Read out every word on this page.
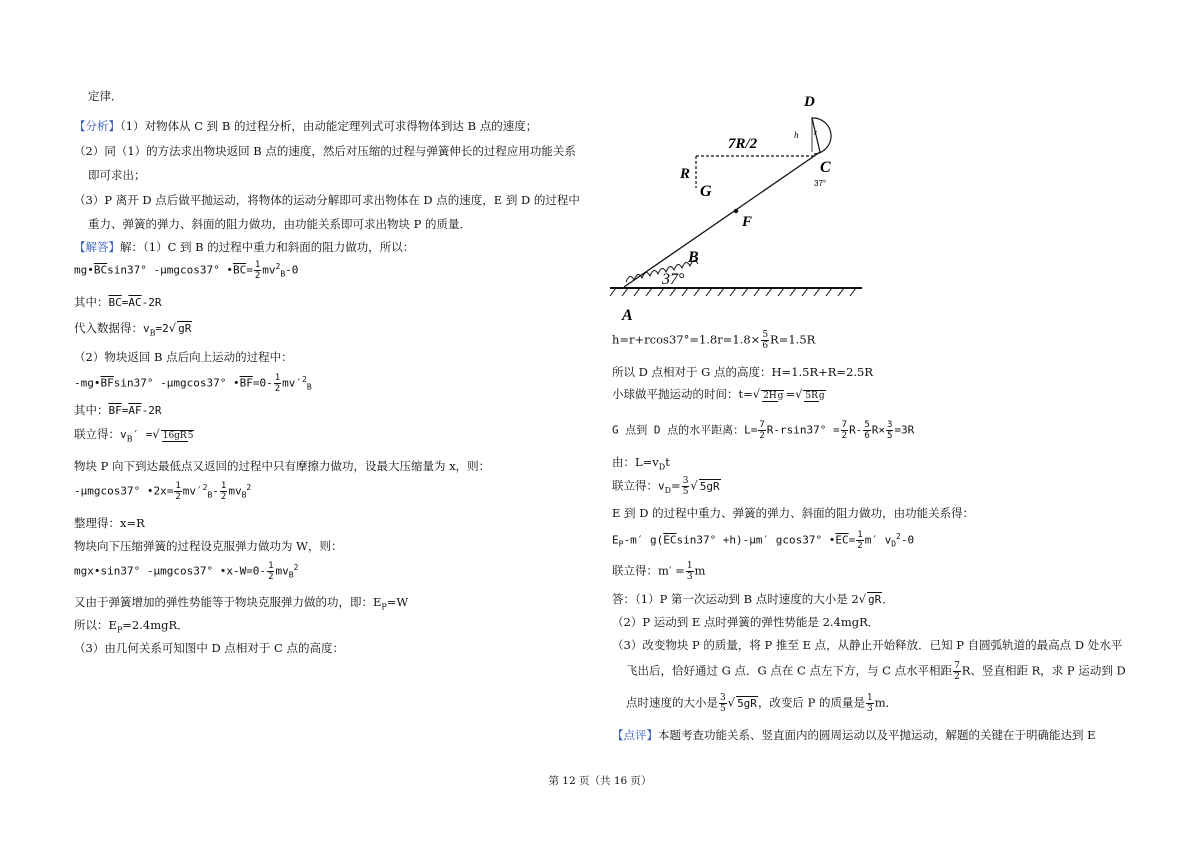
定律．
【分析】（1）对物体从 C 到 B 的过程分析，由动能定理列式可求得物体到达 B 点的速度；
（2）同（1）的方法求出物块返回 B 点的速度，然后对压缩的过程与弹簧伸长的过程应用功能关系
即可求出；
（3）P 离开 D 点后做平抛运动，将物体的运动分解即可求出物体在 D 点的速度，E 到 D 的过程中
重力、弹簧的弹力、斜面的阻力做功，由功能关系即可求出物块 P 的质量．
【解答】解：（1）C 到 B 的过程中重力和斜面的阻力做功，所以：
$mg•\overline{BC}\sin 37^\circ$ -μmgcos37° $•\overline{BC}= \frac{1}{2} mv^2_B-0$
其中：$\overline{BC}=\overline{AC}-2R$
代入数据得：$v_B=2√$ gR
（2）物块返回 B 点后向上运动的过程中：
$-mg•\overline{BF}\sin 37^\circ$ -μmgcos37° $•\overline{BF}=0- \frac{1}{2} mv'^2_B$
其中：$\overline{BF}=\overline{AF}-2R$
联立得：$v_B'$ =√ 16gR5
物块 P 向下到达最低点又返回的过程中只有摩擦力做功，设最大压缩量为 x，则：
-μmgcos37° •2x= $\frac{1}{2} mv'^2_B- \frac{1}{2} mv_B^2$
整理得：x=R
物块向下压缩弹簧的过程设克服弹力做功为 W，则：
mgx•sin37° -μmgcos37° •x-W=0- $\frac{1}{2} mv_B^2$
又由于弹簧增加的弹性势能等于物块克服弹力做的功，即：$E_P=W$
所以：$E_P=2.4mgR$．
（3）由几何关系可知图中 D 点相对于 C 点的高度：
D
h r
7R/2
C
37°
R
G
F
B
37°
A
$h=r+rcos37^\circ=1.8r=1.8\times \frac{5}{6} R=1.5R$
所以 D 点相对于 G 点的高度：H=1.5R+R=2.5R
小球做平抛运动的时间：t=√ 2Hg =√ 5Rg
G 点到 D 点的水平距离：$L= \frac{7}{2} R-rsin37^\circ = \frac{7}{2} R- \frac{5}{6} R\times \frac{3}{5} =3R$
由：$L=v_Dt$
联立得：$v_D= \frac{3}{5}$ √ 5gR
E 到 D 的过程中重力、弹簧的弹力、斜面的阻力做功，由功能关系得：
$E_P-m'$ $g(\overline{EC}\sin 37^\circ +h)-\mu m'$ gcos37° $•\overline{EC}= \frac{1}{2} m'$ $v_D^2-0$
联立得：$m' = \frac{1}{3}$ m
答：（1）P 第一次运动到 B 点时速度的大小是 2√ gR．
（2）P 运动到 E 点时弹簧的弹性势能是 2.4mgR．
（3）改变物块 P 的质量，将 P 推至 E 点，从静止开始释放．已知 P 自圆弧轨道的最高点 D 处水平
飞出后，恰好通过 G 点．G 点在 C 点左下方，与 C 点水平相距 $\frac{7}{2}$ R、竖直相距 R，求 P 运动到 D
点时速度的大小是 $\frac{3}{5}$ √ 5gR，改变后 P 的质量是 $\frac{1}{3}$ m．
【点评】本题考查功能关系、竖直面内的圆周运动以及平抛运动，解题的关键在于明确能达到 E
第 12 页（共 16 页）
